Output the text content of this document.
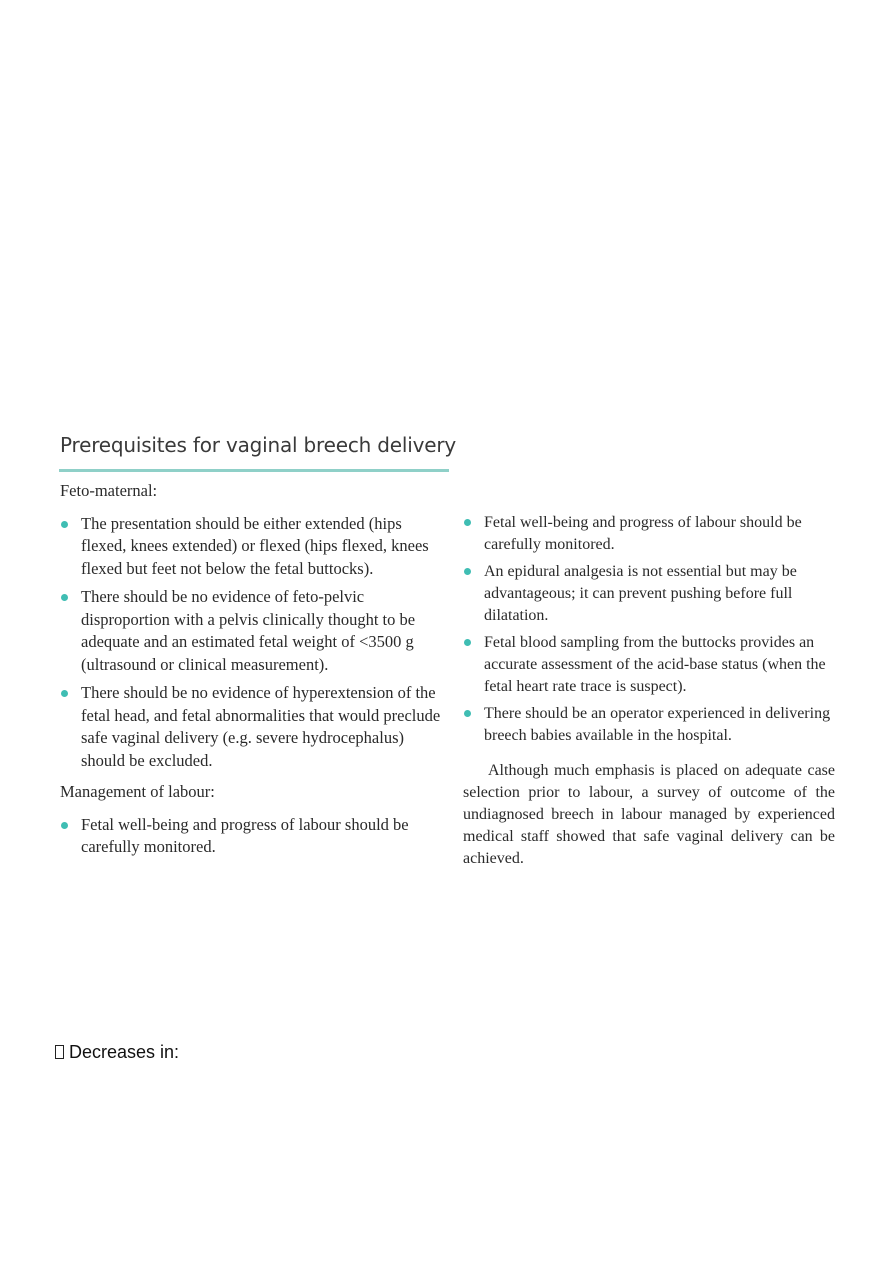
Prerequisites for vaginal breech delivery

Feto-maternal:

The presentation should be either extended (hips flexed, knees extended) or flexed (hips flexed, knees flexed but feet not below the fetal buttocks).
There should be no evidence of feto-pelvic disproportion with a pelvis clinically thought to be adequate and an estimated fetal weight of <3500 g (ultrasound or clinical measurement).
There should be no evidence of hyperextension of the fetal head, and fetal abnormalities that would preclude safe vaginal delivery (e.g. severe hydrocephalus) should be excluded.

Management of labour:

Fetal well-being and progress of labour should be carefully monitored.
Fetal well-being and progress of labour should be carefully monitored.
An epidural analgesia is not essential but may be advantageous; it can prevent pushing before full dilatation.
Fetal blood sampling from the buttocks provides an accurate assessment of the acid-base status (when the fetal heart rate trace is suspect).
There should be an operator experienced in delivering breech babies available in the hospital.

Although much emphasis is placed on adequate case selection prior to labour, a survey of outcome of the undiagnosed breech in labour managed by experienced medical staff showed that safe vaginal delivery can be achieved.

Decreases in:
